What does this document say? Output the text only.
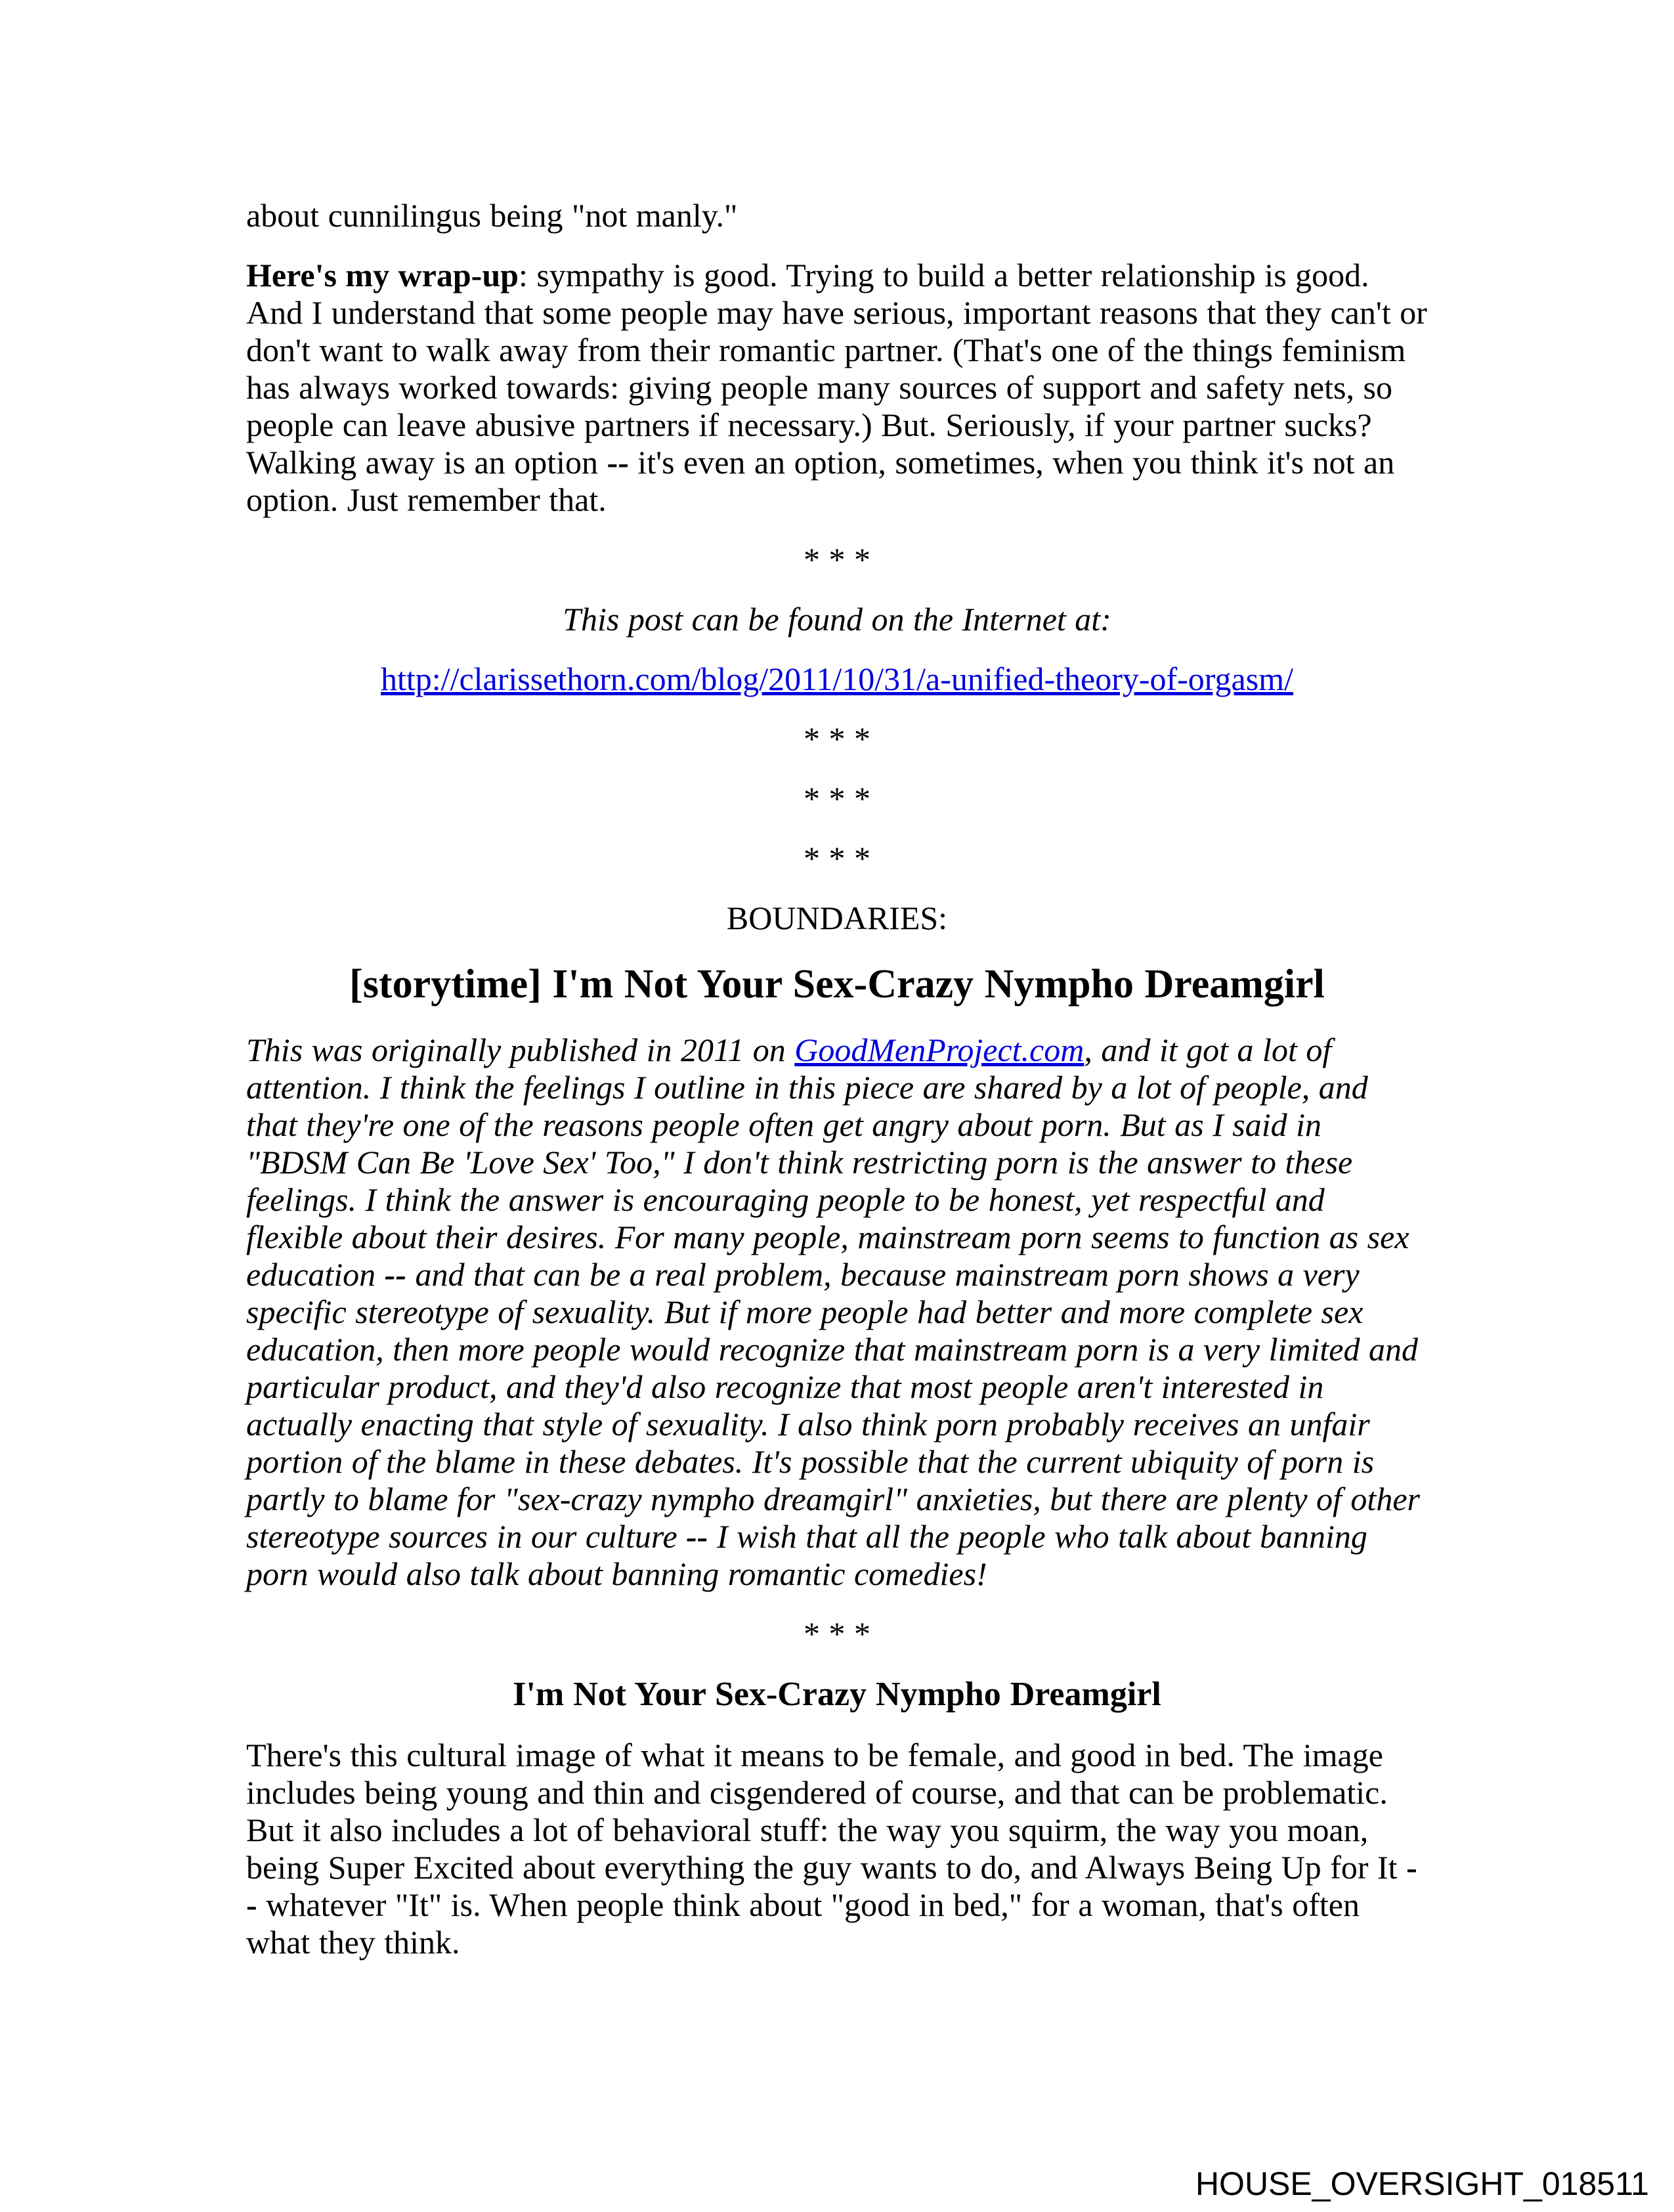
about cunnilingus being "not manly."

Here's my wrap-up: sympathy is good. Trying to build a better relationship is good. And I understand that some people may have serious, important reasons that they can't or don't want to walk away from their romantic partner. (That's one of the things feminism has always worked towards: giving people many sources of support and safety nets, so people can leave abusive partners if necessary.) But. Seriously, if your partner sucks? Walking away is an option -- it's even an option, sometimes, when you think it's not an option. Just remember that.

* * *

This post can be found on the Internet at:

http://clarissethorn.com/blog/2011/10/31/a-unified-theory-of-orgasm/

* * *

* * *

* * *

BOUNDARIES:

[storytime] I'm Not Your Sex-Crazy Nympho Dreamgirl

This was originally published in 2011 on GoodMenProject.com, and it got a lot of attention. I think the feelings I outline in this piece are shared by a lot of people, and that they're one of the reasons people often get angry about porn. But as I said in "BDSM Can Be 'Love Sex' Too," I don't think restricting porn is the answer to these feelings. I think the answer is encouraging people to be honest, yet respectful and flexible about their desires. For many people, mainstream porn seems to function as sex education -- and that can be a real problem, because mainstream porn shows a very specific stereotype of sexuality. But if more people had better and more complete sex education, then more people would recognize that mainstream porn is a very limited and particular product, and they'd also recognize that most people aren't interested in actually enacting that style of sexuality. I also think porn probably receives an unfair portion of the blame in these debates. It's possible that the current ubiquity of porn is partly to blame for "sex-crazy nympho dreamgirl" anxieties, but there are plenty of other stereotype sources in our culture -- I wish that all the people who talk about banning porn would also talk about banning romantic comedies!

* * *

I'm Not Your Sex-Crazy Nympho Dreamgirl

There's this cultural image of what it means to be female, and good in bed. The image includes being young and thin and cisgendered of course, and that can be problematic. But it also includes a lot of behavioral stuff: the way you squirm, the way you moan, being Super Excited about everything the guy wants to do, and Always Being Up for It -- whatever "It" is. When people think about "good in bed," for a woman, that's often what they think.

HOUSE_OVERSIGHT_018511
